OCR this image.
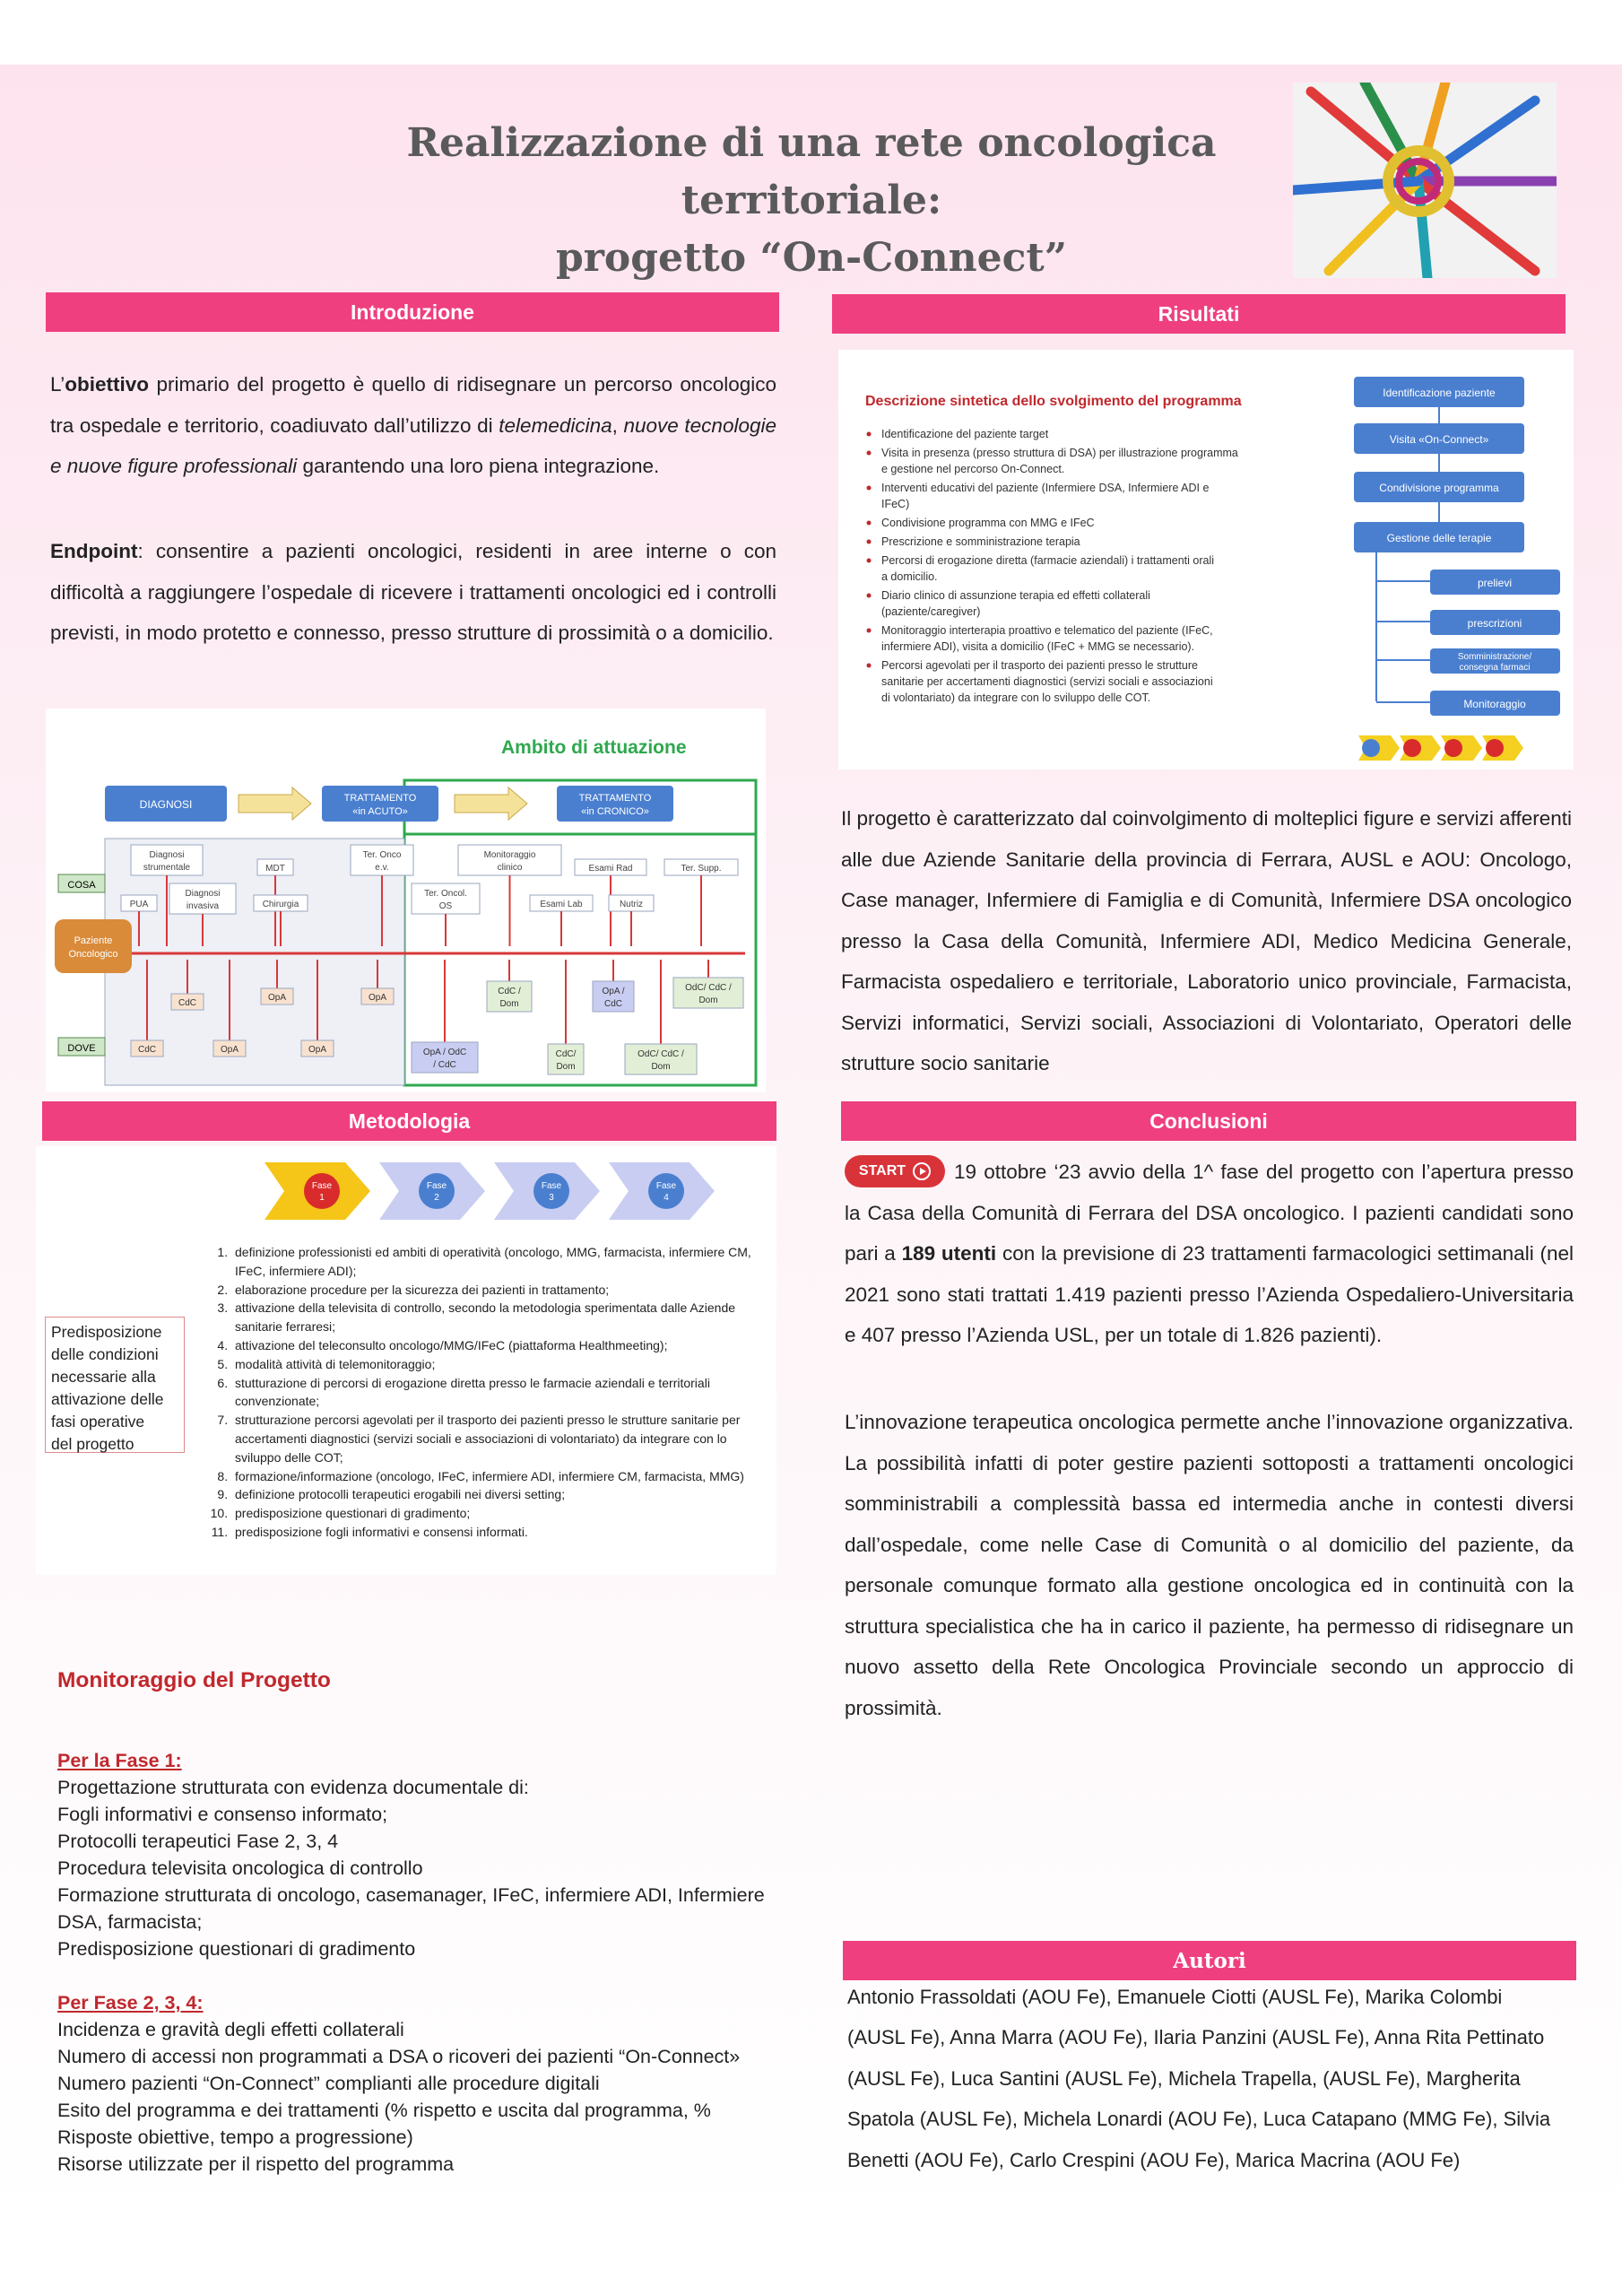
Realizzazione di una rete oncologica territoriale:
progetto “On-Connect”
Introduzione	Risultati
Metodologia	Conclusioni
Autori
L’obiettivo primario del progetto è quello di ridisegnare un percorso oncologico tra ospedale e territorio, coadiuvato dall’utilizzo di telemedicina, nuove tecnologie e nuove figure professionali garantendo una loro piena integrazione.
Endpoint: consentire a pazienti oncologici, residenti in aree interne o con difficoltà a raggiungere l’ospedale di ricevere i trattamenti oncologici ed i controlli previsti, in modo protetto e connesso, presso strutture di prossimità o a domicilio.
Ambito di attuazione
DIAGNOSI	TRATTAMENTO
«in ACUTO»
TRATTAMENTO
«in CRONICO»
COSA
DOVE
Paziente
Oncologico
Diagnosi
strumentale	MDT
Ter. Onco
e.v.
Monitoraggio
clinico	Esami Rad	Ter. Supp.
PUA
Diagnosi
invasiva	Chirurgia
Ter. Oncol.
OS	Esami Lab	Nutriz
CdC
OpA	OpA
CdC /
Dom
OpA /
CdC
OdC/ CdC /
Dom
CdC	OpA	OpA	OpA / OdC
/ CdC
CdC/
Dom
OdC/ CdC /
Dom
Descrizione sintetica dello svolgimento del programma
Identificazione del paziente target
Visita in presenza (presso struttura di DSA) per illustrazione programma
e gestione nel percorso On-Connect.
Interventi educativi del paziente (Infermiere DSA, Infermiere ADI e
IFeC)
Condivisione programma con MMG e IFeC
Prescrizione e somministrazione terapia
Percorsi di erogazione diretta (farmacie aziendali) i trattamenti orali
a domicilio.
Diario clinico di assunzione terapia ed effetti collaterali
(paziente/caregiver)
Monitoraggio interterapia proattivo e telematico del paziente (IFeC,
infermiere ADI), visita a domicilio (IFeC + MMG se necessario).
Percorsi agevolati per il trasporto dei pazienti presso le strutture
sanitarie per accertamenti diagnostici (servizi sociali e associazioni
di volontariato) da integrare con lo sviluppo delle COT.
Identificazione paziente
Visita «On-Connect»
Condivisione programma
Gestione delle terapie
prelievi
prescrizioni
Somministrazione/
consegna farmaci
Monitoraggio
Il progetto è caratterizzato dal coinvolgimento di molteplici figure e servizi afferenti alle due Aziende Sanitarie della provincia di Ferrara, AUSL e AOU: Oncologo, Case manager, Infermiere di Famiglia e di Comunità, Infermiere DSA oncologico presso la Casa della Comunità, Infermiere ADI, Medico Medicina Generale, Farmacista ospedaliero e territoriale, Laboratorio unico provinciale, Farmacista, Servizi informatici, Servizi sociali, Associazioni di Volontariato, Operatori delle strutture socio sanitarie
Fase
1
Fase
2
Fase
3
Fase
4
Predisposizione
delle condizioni
necessarie alla
attivazione delle
fasi operative
del progetto
1. definizione professionisti ed ambiti di operatività (oncologo, MMG, farmacista, infermiere CM, IFeC, infermiere ADI);
2. elaborazione procedure per la sicurezza dei pazienti in trattamento;
3. attivazione della televisita di controllo, secondo la metodologia sperimentata dalle Aziende sanitarie ferraresi;
4. attivazione del teleconsulto oncologo/MMG/IFeC (piattaforma Healthmeeting);
5. modalità attività di telemonitoraggio;
6. stutturazione di percorsi di erogazione diretta presso le farmacie aziendali e territoriali convenzionate;
7. strutturazione percorsi agevolati per il trasporto dei pazienti presso le strutture sanitarie per accertamenti diagnostici (servizi sociali e associazioni di volontariato) da integrare con lo sviluppo delle COT;
8. formazione/informazione (oncologo, IFeC, infermiere ADI, infermiere CM, farmacista, MMG)
9. definizione protocolli terapeutici erogabili nei diversi setting;
10. predisposizione questionari di gradimento;
11. predisposizione fogli informativi e consensi informati.
Monitoraggio del Progetto
Per la Fase 1:
Progettazione strutturata con evidenza documentale di:
Fogli informativi e consenso informato;
Protocolli terapeutici Fase 2, 3, 4
Procedura televisita oncologica di controllo
Formazione strutturata di oncologo, casemanager, IFeC, infermiere ADI, Infermiere
DSA, farmacista;
Predisposizione questionari di gradimento
Per Fase 2, 3, 4:
Incidenza e gravità degli effetti collaterali
Numero di accessi non programmati a DSA o ricoveri dei pazienti “On-Connect»
Numero pazienti “On-Connect” complianti alle procedure digitali
Esito del programma e dei trattamenti (% rispetto e uscita dal programma, %
Risposte obiettive, tempo a progressione)
Risorse utilizzate per il rispetto del programma
START	19 ottobre ‘23 avvio della 1^ fase del progetto con l’apertura presso la Casa della Comunità di Ferrara del DSA oncologico. I pazienti candidati sono pari a 189 utenti con la previsione di 23 trattamenti farmacologici settimanali (nel 2021 sono stati trattati 1.419 pazienti presso l’Azienda Ospedaliero-Universitaria e 407 presso l’Azienda USL, per un totale di 1.826 pazienti).
L’innovazione terapeutica oncologica permette anche l’innovazione organizzativa. La possibilità infatti di poter gestire pazienti sottoposti a trattamenti oncologici somministrabili a complessità bassa ed intermedia anche in contesti diversi dall’ospedale, come nelle Case di Comunità o al domicilio del paziente, da personale comunque formato alla gestione oncologica ed in continuità con la struttura specialistica che ha in carico il paziente, ha permesso di ridisegnare un nuovo assetto della Rete Oncologica Provinciale secondo un approccio di prossimità.
Antonio Frassoldati (AOU Fe), Emanuele Ciotti (AUSL Fe), Marika Colombi (AUSL Fe), Anna Marra (AOU Fe), Ilaria Panzini (AUSL Fe), Anna Rita Pettinato (AUSL Fe), Luca Santini (AUSL Fe), Michela Trapella, (AUSL Fe), Margherita Spatola (AUSL Fe), Michela Lonardi (AOU Fe), Luca Catapano (MMG Fe), Silvia Benetti (AOU Fe), Carlo Crespini (AOU Fe), Marica Macrina (AOU Fe)
